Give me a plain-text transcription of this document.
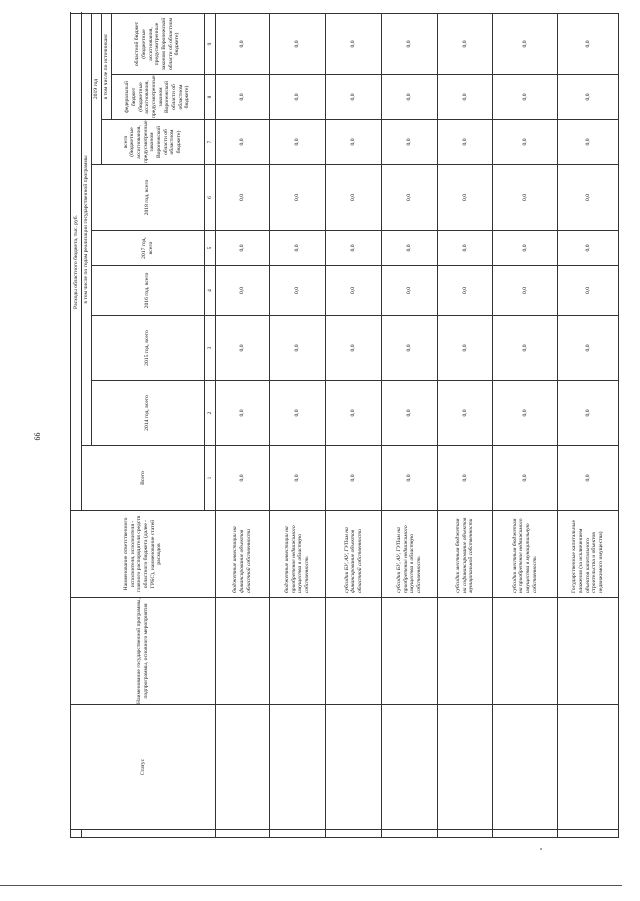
99
	Статус	Наименование государственной программы, подпрограммы, основного мероприятия	Наименование ответственного исполнителя, исполнителя - главного распорядителя средств областного бюджета (далее - ГРБС), наименование статей расходов	Расходы областного бюджета, тыс. руб.									
				Всего	в том числе по годам реализации государственной программы								
					2014 год, всего	2015 год, всего	2016 год, всего	2017 год, всего	2018 год, всего	2019 год	
										всего (бюджетные ассигнования, предусмотренные законом Воронежской области об областном бюджете)	в том числе по источникам:		
											федеральный бюджет (бюджетные ассигнования, предусмотренные законом Воронежской области об областном бюджете)	областной бюджет (бюджетные ассигнования, предусмотренные законом Воронежской области об областном бюджете)	
				1	2	3	4	5	6	7	8	9				
			бюджетные инвестиции на финансирование объектов областной собственности	0,0	0,0	0,0	0,0	0,0	0,0	0,0	0,0	0,0	
			бюджетные инвестиции на приобретение недвижимого имущества в областную собственность	0,0	0,0	0,0	0,0	0,0	0,0	0,0	0,0	0,0	
			субсидии БУ, АУ, ГУПам на финансирование объектов областной собственности	0,0	0,0	0,0	0,0	0,0	0,0	0,0	0,0	0,0	
			субсидии БУ, АУ, ГУПам на приобретение недвижимого имущества в областную собственность	0,0	0,0	0,0	0,0	0,0	0,0	0,0	0,0	0,0	
			субсидии местным бюджетам на софинансирование объектов муниципальной собственности	0,0	0,0	0,0	0,0	0,0	0,0	0,0	0,0	0,0	
			субсидии местным бюджетам на приобретение недвижимого имущества в муниципальную собственность	0,0	0,0	0,0	0,0	0,0	0,0	0,0	0,0	0,0	
			Государственные капитальные вложения (за исключением объектов капитального строительства и объектов недвижимого имущества)	0,0	0,0	0,0	0,0	0,0	0,0	0,0	0,0	0,0	
